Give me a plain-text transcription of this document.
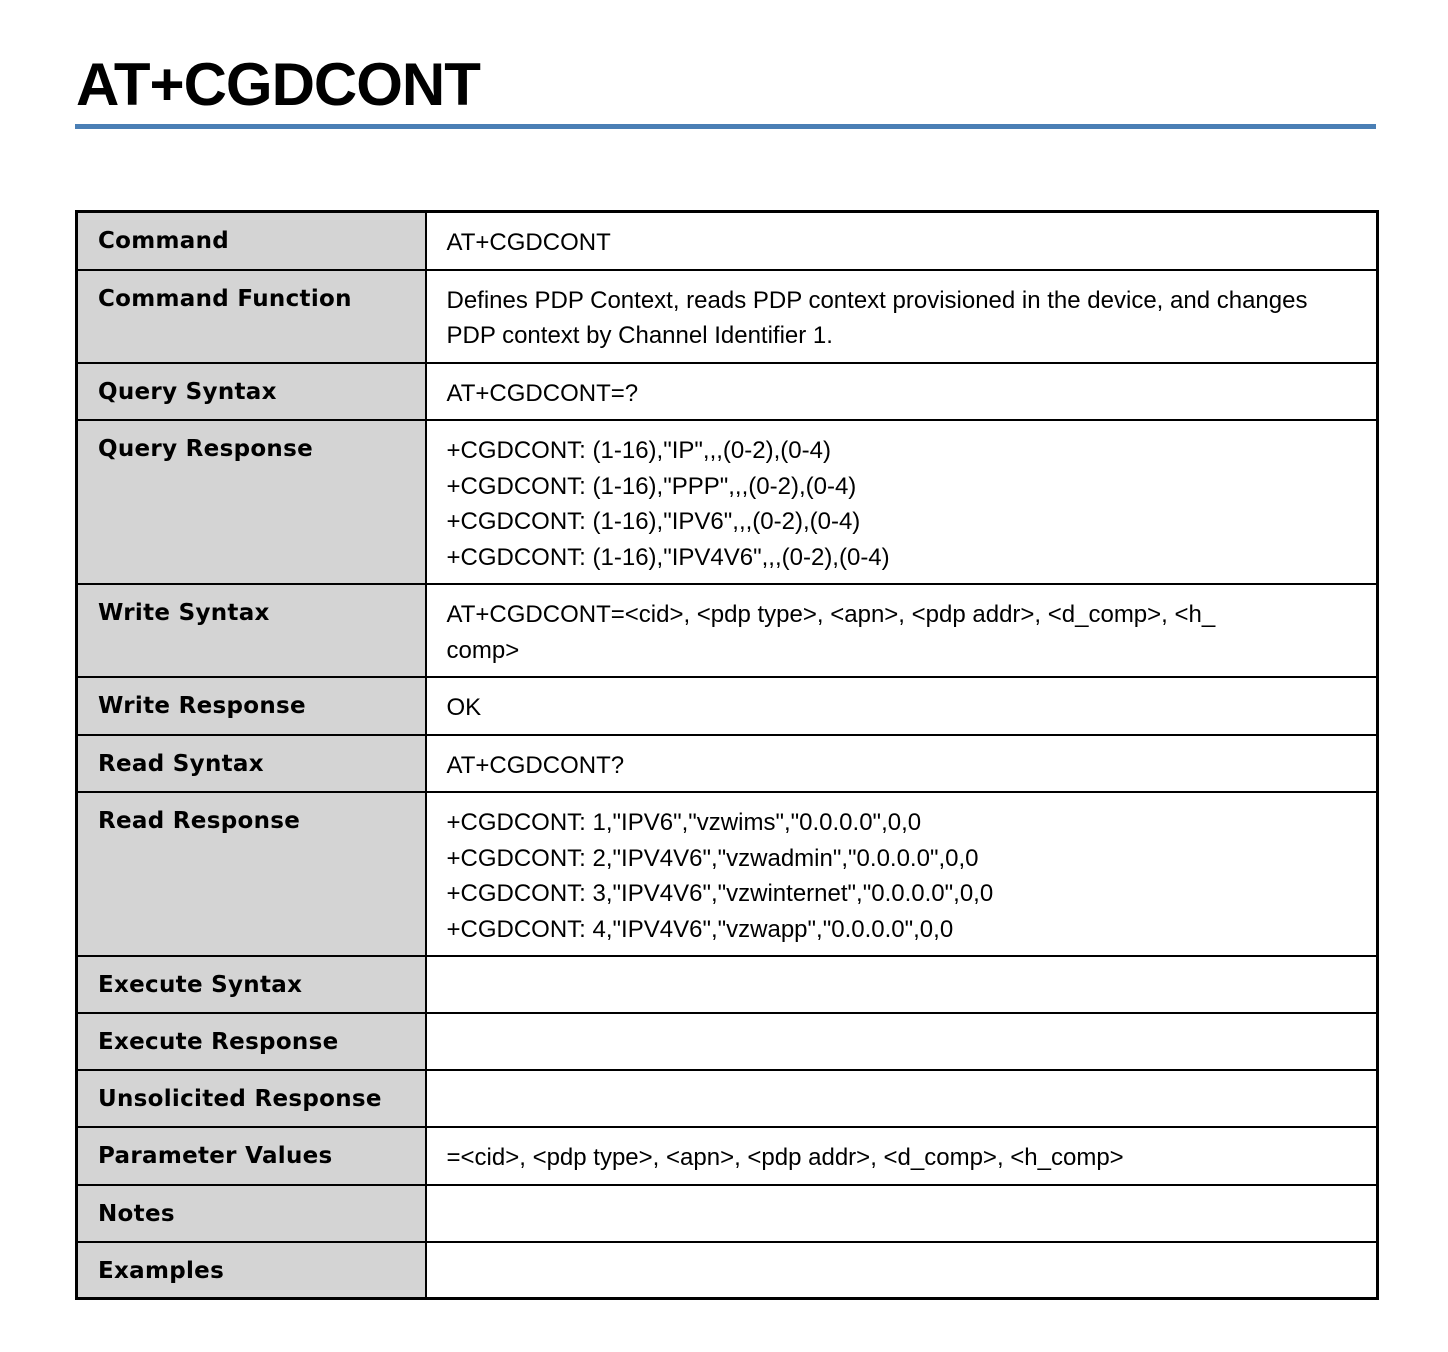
AT+CGDCONT
Command	AT+CGDCONT

Command Function	Defines PDP Context, reads PDP context provisioned in the device, and changes
PDP context by Channel Identifier 1.

Query Syntax	AT+CGDCONT=?

Query Response	+CGDCONT: (1-16),"IP",,,(0-2),(0-4)
+CGDCONT: (1-16),"PPP",,,(0-2),(0-4)
+CGDCONT: (1-16),"IPV6",,,(0-2),(0-4)
+CGDCONT: (1-16),"IPV4V6",,,(0-2),(0-4)

Write Syntax	AT+CGDCONT=<cid>, <pdp type>, <apn>, <pdp addr>, <d_comp>, <h_
comp>

Write Response	OK

Read Syntax	AT+CGDCONT?

Read Response	+CGDCONT: 1,"IPV6","vzwims","0.0.0.0",0,0
+CGDCONT: 2,"IPV4V6","vzwadmin","0.0.0.0",0,0
+CGDCONT: 3,"IPV4V6","vzwinternet","0.0.0.0",0,0
+CGDCONT: 4,"IPV4V6","vzwapp","0.0.0.0",0,0

Execute Syntax	
Execute Response	
Unsolicited Response	
Parameter Values	=<cid>, <pdp type>, <apn>, <pdp addr>, <d_comp>, <h_comp>

Notes	
Examples	
